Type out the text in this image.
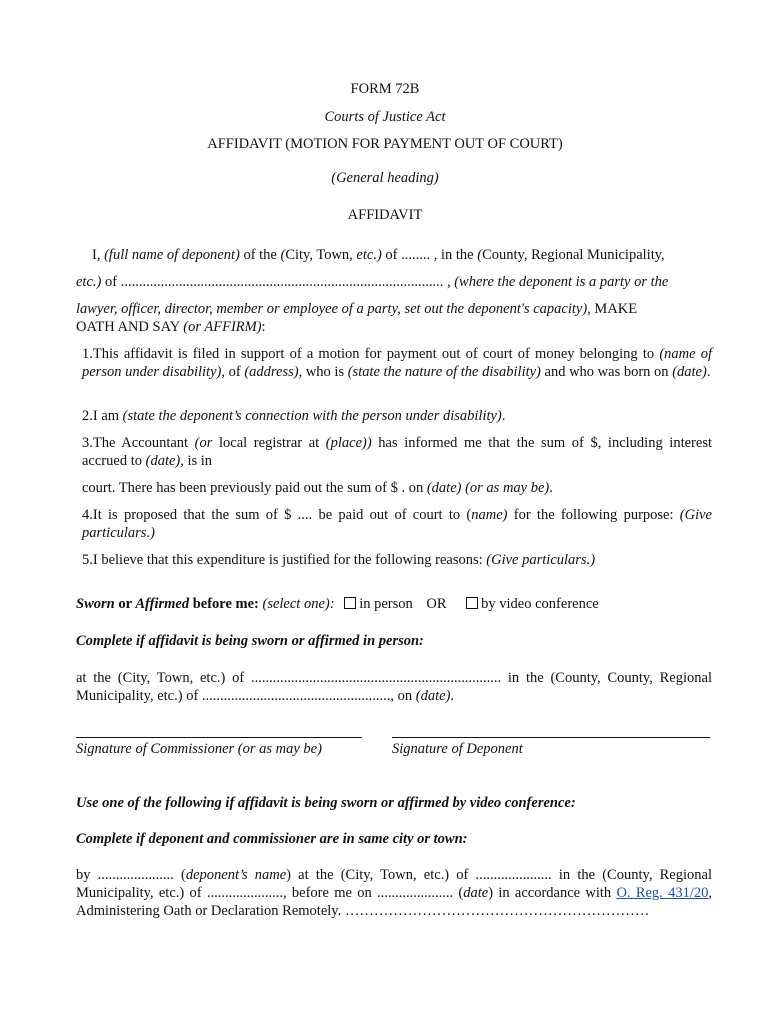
FORM 72B
Courts of Justice Act
AFFIDAVIT (MOTION FOR PAYMENT OUT OF COURT)
(General heading)
AFFIDAVIT
I, (full name of deponent) of the (City, Town, etc.) of ........ , in the (County, Regional Municipality,
etc.) of ......................................................................................... , (where the deponent is a party or the
lawyer, officer, director, member or employee of a party, set out the deponent's capacity), MAKE
OATH AND SAY (or AFFIRM):
1.This affidavit is filed in support of a motion for payment out of court of money belonging to (name of person under disability), of (address), who is (state the nature of the disability) and who was born on (date).
2.I am (state the deponent’s connection with the person under disability).
3.The Accountant (or local registrar at (place)) has informed me that the sum of $, including interest accrued to (date), is in
court. There has been previously paid out the sum of $ . on (date) (or as may be).
4.It is proposed that the sum of $ .... be paid out of court to (name) for the following purpose: (Give particulars.)
5.I believe that this expenditure is justified for the following reasons: (Give particulars.)
Sworn or Affirmed before me: (select one): in person OR by video conference
Complete if affidavit is being sworn or affirmed in person:
at the (City, Town, etc.) of ..................................................................... in the (County, County, Regional Municipality, etc.) of ...................................................., on (date).
Signature of Commissioner (or as may be)	Signature of Deponent
Use one of the following if affidavit is being sworn or affirmed by video conference:
Complete if deponent and commissioner are in same city or town:
by ..................... (deponent’s name) at the (City, Town, etc.) of ..................... in the (County, Regional Municipality, etc.) of ....................., before me on ..................... (date) in accordance with O. Reg. 431/20, Administering Oath or Declaration Remotely. ………………………………………………………
